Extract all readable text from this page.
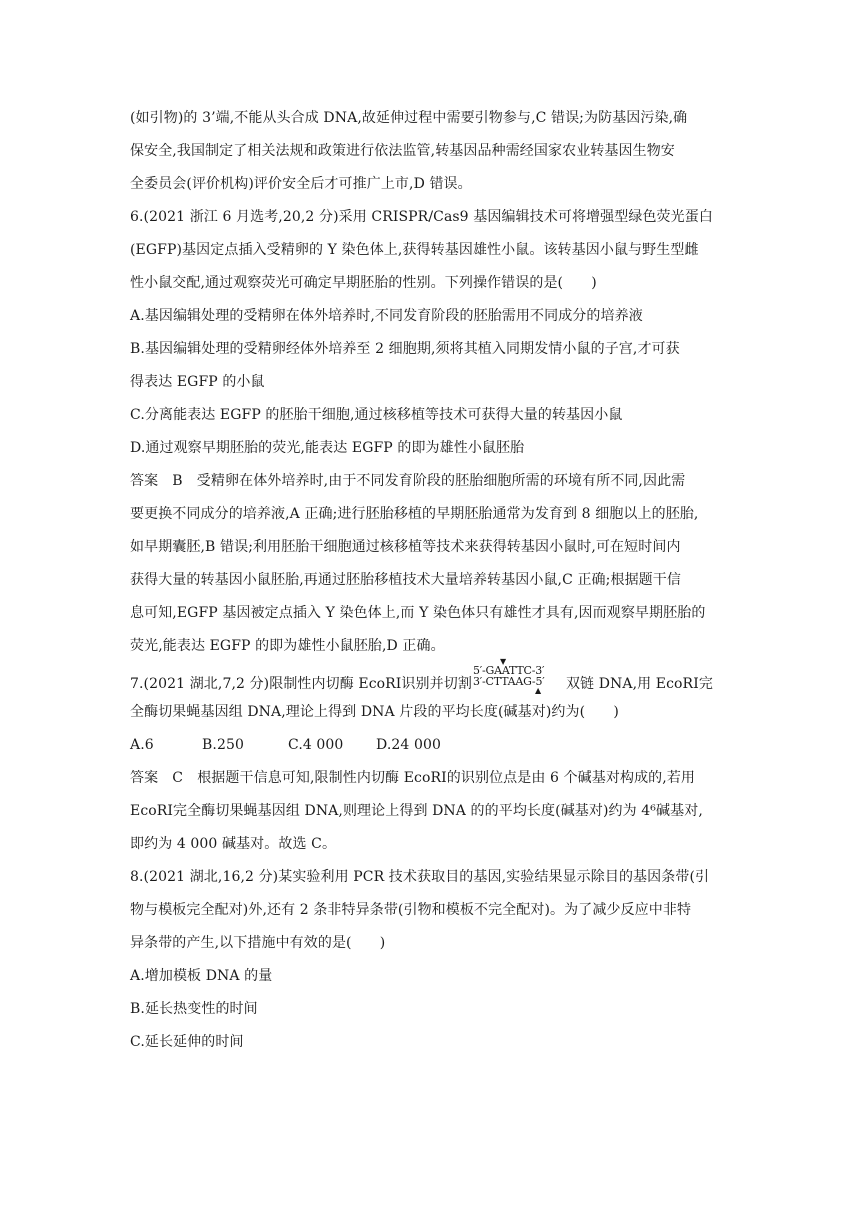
(如引物)的 3’端,不能从头合成 DNA,故延伸过程中需要引物参与,C 错误;为防基因污染,确
保安全,我国制定了相关法规和政策进行依法监管,转基因品种需经国家农业转基因生物安
全委员会(评价机构)评价安全后才可推广上市,D 错误。
6.(2021 浙江 6 月选考,20,2 分)采用 CRISPR/Cas9 基因编辑技术可将增强型绿色荧光蛋白
(EGFP)基因定点插入受精卵的 Y 染色体上,获得转基因雄性小鼠。该转基因小鼠与野生型雌
性小鼠交配,通过观察荧光可确定早期胚胎的性别。下列操作错误的是(　　)
A.基因编辑处理的受精卵在体外培养时,不同发育阶段的胚胎需用不同成分的培养液
B.基因编辑处理的受精卵经体外培养至 2 细胞期,须将其植入同期发情小鼠的子宫,才可获
得表达 EGFP 的小鼠
C.分离能表达 EGFP 的胚胎干细胞,通过核移植等技术可获得大量的转基因小鼠
D.通过观察早期胚胎的荧光,能表达 EGFP 的即为雄性小鼠胚胎
答案　B　受精卵在体外培养时,由于不同发育阶段的胚胎细胞所需的环境有所不同,因此需
要更换不同成分的培养液,A 正确;进行胚胎移植的早期胚胎通常为发育到 8 细胞以上的胚胎,
如早期囊胚,B 错误;利用胚胎干细胞通过核移植等技术来获得转基因小鼠时,可在短时间内
获得大量的转基因小鼠胚胎,再通过胚胎移植技术大量培养转基因小鼠,C 正确;根据题干信
息可知,EGFP 基因被定点插入 Y 染色体上,而 Y 染色体只有雄性才具有,因而观察早期胚胎的
荧光,能表达 EGFP 的即为雄性小鼠胚胎,D 正确。
7.(2021 湖北,7,2 分)限制性内切酶 EcoRⅠ识别并切割
▼
5′-GAATTC-3′
3′-CTTAAG-5′
▲ 双链 DNA,用 EcoRⅠ完
全酶切果蝇基因组 DNA,理论上得到 DNA 片段的平均长度(碱基对)约为(　　)
A.6	B.250	C.4 000 D.24 000
答案　C　根据题干信息可知,限制性内切酶 EcoRⅠ的识别位点是由 6 个碱基对构成的,若用
EcoRⅠ完全酶切果蝇基因组 DNA,则理论上得到 DNA 的的平均长度(碱基对)约为 4⁶碱基对,
即约为 4 000 碱基对。故选 C。
8.(2021 湖北,16,2 分)某实验利用 PCR 技术获取目的基因,实验结果显示除目的基因条带(引
物与模板完全配对)外,还有 2 条非特异条带(引物和模板不完全配对)。为了减少反应中非特
异条带的产生,以下措施中有效的是(　　)
A.增加模板 DNA 的量
B.延长热变性的时间
C.延长延伸的时间
